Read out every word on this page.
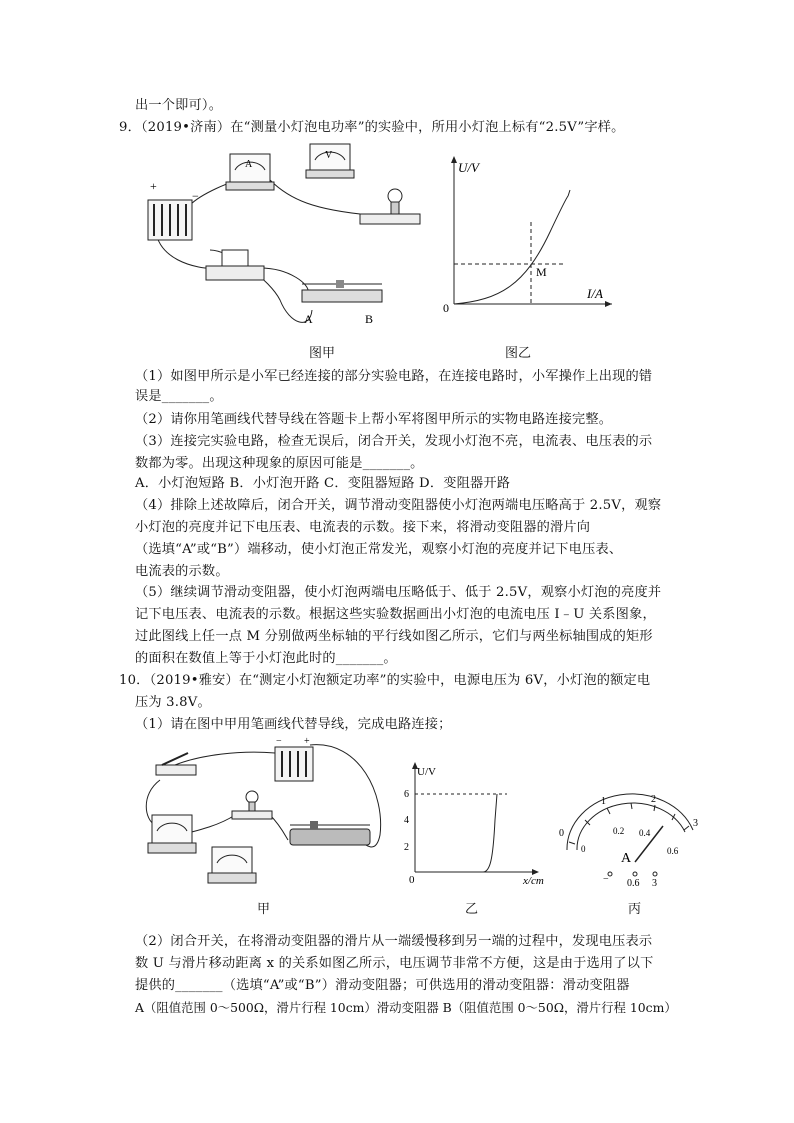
出一个即可）。
9．（2019•济南）在“测量小灯泡电功率”的实验中，所用小灯泡上标有“2.5V”字样。
+
−
A
V
A	B
U/V
I/A
0
M
图甲	图乙
（1）如图甲所示是小军已经连接的部分实验电路，在连接电路时，小军操作上出现的错
误是_______。
（2）请你用笔画线代替导线在答题卡上帮小军将图甲所示的实物电路连接完整。
（3）连接完实验电路，检查无误后，闭合开关，发现小灯泡不亮，电流表、电压表的示
数都为零。出现这种现象的原因可能是_______。
A．小灯泡短路 B．小灯泡开路 C．变阻器短路 D．变阻器开路
（4）排除上述故障后，闭合开关，调节滑动变阻器使小灯泡两端电压略高于 2.5V，观察
小灯泡的亮度并记下电压表、电流表的示数。接下来，将滑动变阻器的滑片向
（选填“A”或“B”）端移动，使小灯泡正常发光，观察小灯泡的亮度并记下电压表、
电流表的示数。
（5）继续调节滑动变阻器，使小灯泡两端电压略低于、低于 2.5V，观察小灯泡的亮度并
记下电压表、电流表的示数。根据这些实验数据画出小灯泡的电流电压 I﹣U 关系图象，
过此图线上任一点 M 分别做两坐标轴的平行线如图乙所示，它们与两坐标轴围成的矩形
的面积在数值上等于小灯泡此时的_______。
10．（2019•雅安）在“测定小灯泡额定功率”的实验中，电源电压为 6V，小灯泡的额定电
压为 3.8V。
（1）请在图中甲用笔画线代替导线，完成电路连接；
− +
U/V
x/cm
0
2
4
6
1	2
0
3
0
0.2 0.4
0.6
A
− 0.6 3
甲	乙	丙
（2）闭合开关，在将滑动变阻器的滑片从一端缓慢移到另一端的过程中，发现电压表示
数 U 与滑片移动距离 x 的关系如图乙所示，电压调节非常不方便，这是由于选用了以下
提供的_______（选填“A”或“B”）滑动变阻器；可供选用的滑动变阻器：滑动变阻器
A（阻值范围 0～500Ω，滑片行程 10cm）滑动变阻器 B（阻值范围 0～50Ω，滑片行程 10cm）
